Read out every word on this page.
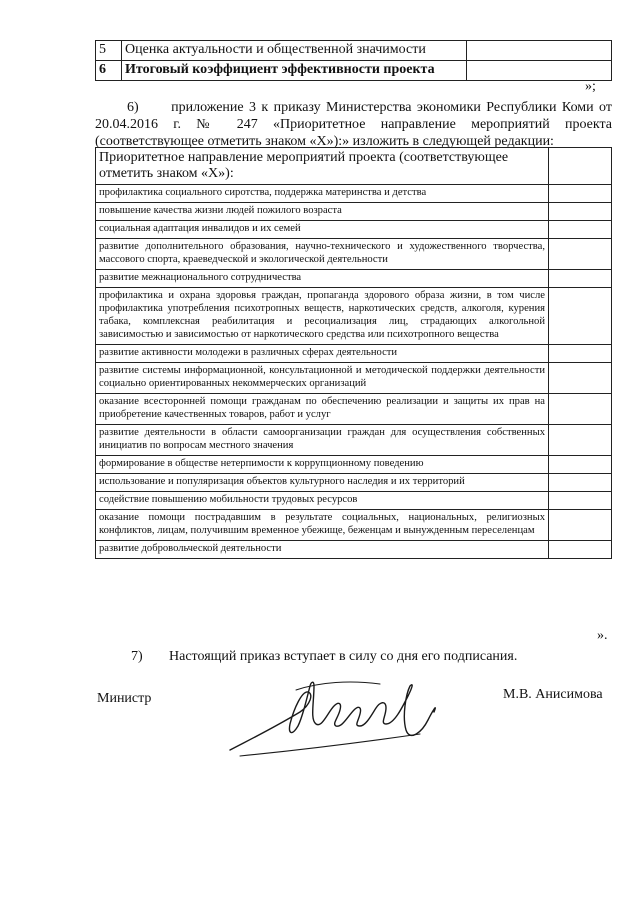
5	Оценка актуальности и общественной значимости	
6	Итоговый коэффициент эффективности проекта	
»;

6)      приложение 3 к приказу Министерства экономики Республики Коми от 20.04.2016 г. № 247 «Приоритетное направление мероприятий проекта (соответствующее отметить знаком «Х»):» изложить в следующей редакции:

Приоритетное направление мероприятий проекта (соответствующее отметить знаком «Х»):	
профилактика социального сиротства, поддержка материнства и детства	
повышение качества жизни людей пожилого возраста	
социальная адаптация инвалидов и их семей	
развитие дополнительного образования, научно-технического и художественного творчества, массового спорта, краеведческой и экологической деятельности	
развитие межнационального сотрудничества	
профилактика и охрана здоровья граждан, пропаганда здорового образа жизни, в том числе профилактика употребления психотропных веществ, наркотических средств, алкоголя, курения табака, комплексная реабилитация и ресоциализация лиц, страдающих алкогольной зависимостью и зависимостью от наркотического средства или психотропного вещества	
развитие активности молодежи в различных сферах деятельности	
развитие системы информационной, консультационной и методической поддержки деятельности социально ориентированных некоммерческих организаций	
оказание всесторонней помощи гражданам по обеспечению реализации и защиты их прав на приобретение качественных товаров, работ и услуг	
развитие деятельности в области самоорганизации граждан для осуществления собственных инициатив по вопросам местного значения	
формирование в обществе нетерпимости к коррупционному поведению	
использование и популяризация объектов культурного наследия и их территорий	
содействие повышению мобильности трудовых ресурсов	
оказание помощи пострадавшим в результате социальных, национальных, религиозных конфликтов, лицам, получившим временное убежище, беженцам и вынужденным переселенцам	
развитие добровольческой деятельности	
».
7) Настоящий приказ вступает в силу со дня его подписания.
Министр	М.В. Анисимова
